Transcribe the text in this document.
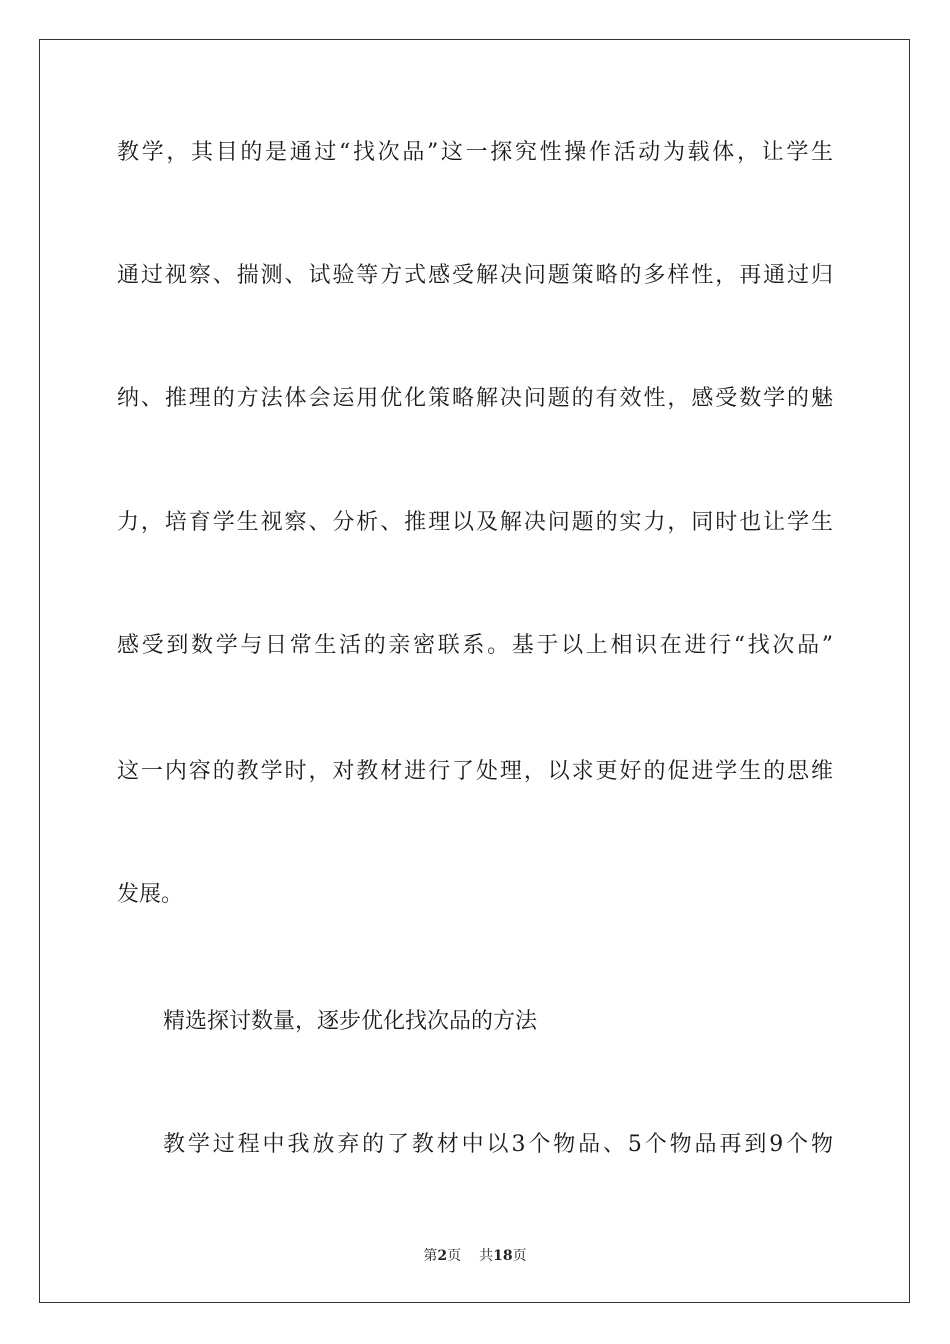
教学，其目的是通过“找次品”这一探究性操作活动为载体，让学生
通过视察、揣测、试验等方式感受解决问题策略的多样性，再通过归
纳、推理的方法体会运用优化策略解决问题的有效性，感受数学的魅
力，培育学生视察、分析、推理以及解决问题的实力，同时也让学生
感受到数学与日常生活的亲密联系。基于以上相识在进行“找次品”
这一内容的教学时，对教材进行了处理，以求更好的促进学生的思维
发展。
精选探讨数量，逐步优化找次品的方法
教学过程中我放弃的了教材中以3个物品、5个物品再到9个物
第2页 共18页
